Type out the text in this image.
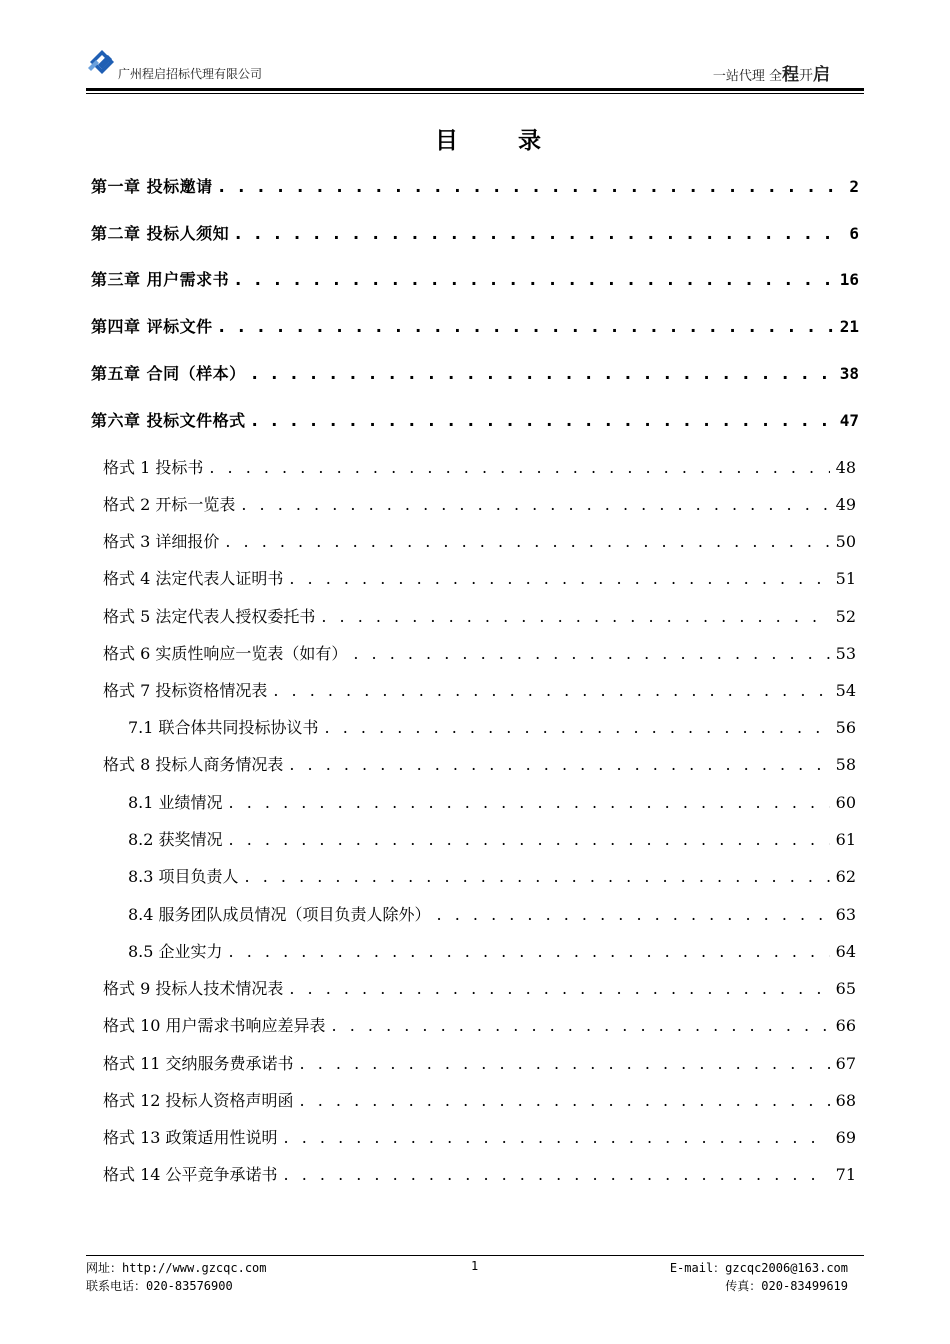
广州程启招标代理有限公司	一站代理 全程开启
目 录
第一章 投标邀请 . . .	2
第二章 投标人须知 . . .	6
第三章 用户需求书 . . .	16
第四章 评标文件 . . .	21
第五章 合同（样本） . . .	38
第六章 投标文件格式 . . .	47
格式 1 投标书 . . .	48
格式 2 开标一览表 . . .	49
格式 3 详细报价 . . .	50
格式 4 法定代表人证明书 . . .	51
格式 5 法定代表人授权委托书 . . .	52
格式 6 实质性响应一览表（如有） . . .	53
格式 7 投标资格情况表 . . .	54
7.1 联合体共同投标协议书 . . .	56
格式 8 投标人商务情况表 . . .	58
8.1 业绩情况 . . .	60
8.2 获奖情况 . . .	61
8.3 项目负责人 . . .	62
8.4 服务团队成员情况（项目负责人除外） . . .	63
8.5 企业实力 . . .	64
格式 9 投标人技术情况表 . . .	65
格式 10 用户需求书响应差异表 . . .	66
格式 11 交纳服务费承诺书 . . .	67
格式 12 投标人资格声明函 . . .	68
格式 13 政策适用性说明 . . .	69
格式 14 公平竞争承诺书 . . .	71
网址：http://www.gzcqc.com	1	E-mail：gzcqc2006@163.com
联系电话：020-83576900	传真：020-83499619
